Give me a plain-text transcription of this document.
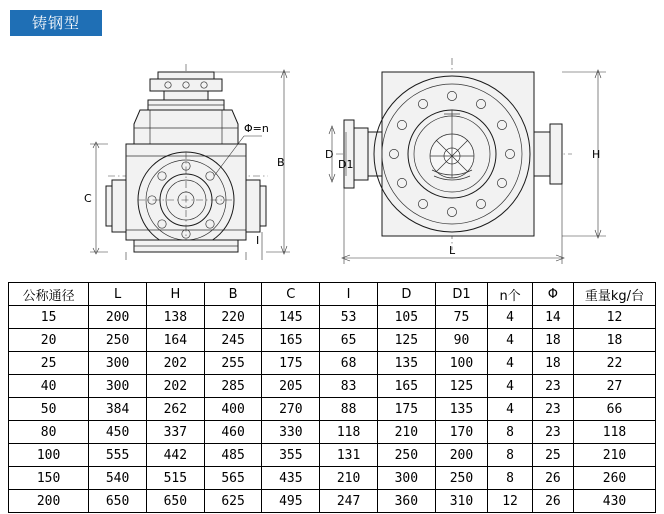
铸钢型
Φ=n
C
B
I
H
L
D
D1
公称通径	L	H	B	C	I	D	D1	n个	Φ	重量kg/台
15	200	138	220	145	53	105	75	4	14	12
20	250	164	245	165	65	125	90	4	18	18
25	300	202	255	175	68	135	100	4	18	22
40	300	202	285	205	83	165	125	4	23	27
50	384	262	400	270	88	175	135	4	23	66
80	450	337	460	330	118	210	170	8	23	118
100	555	442	485	355	131	250	200	8	25	210
150	540	515	565	435	210	300	250	8	26	260
200	650	650	625	495	247	360	310	12	26	430
